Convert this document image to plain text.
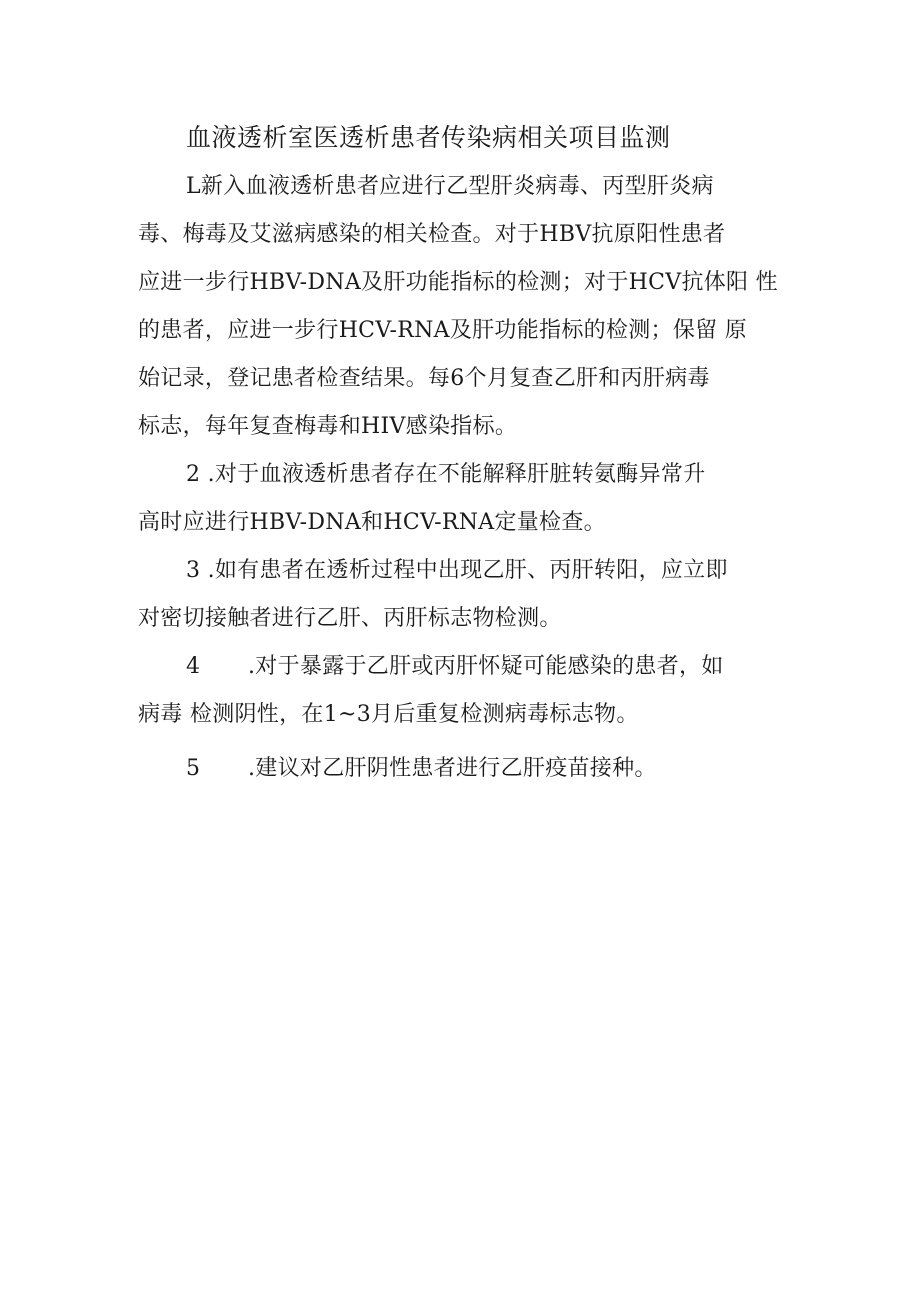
血液透析室医透析患者传染病相关项目监测
L新入血液透析患者应进行乙型肝炎病毒、丙型肝炎病
毒、梅毒及艾滋病感染的相关检查。对于HBV抗原阳性患者
应进一步行HBV-DNA及肝功能指标的检测；对于HCV抗体阳 性
的患者，应进一步行HCV-RNA及肝功能指标的检测；保留 原
始记录，登记患者检查结果。每6个月复查乙肝和丙肝病毒
标志，每年复查梅毒和HIV感染指标。
2 .对于血液透析患者存在不能解释肝脏转氨酶异常升
高时应进行HBV-DNA和HCV-RNA定量检查。
3 .如有患者在透析过程中出现乙肝、丙肝转阳，应立即
对密切接触者进行乙肝、丙肝标志物检测。
4 .对于暴露于乙肝或丙肝怀疑可能感染的患者，如
病毒 检测阴性，在1~3月后重复检测病毒标志物。
5 .建议对乙肝阴性患者进行乙肝疫苗接种。
